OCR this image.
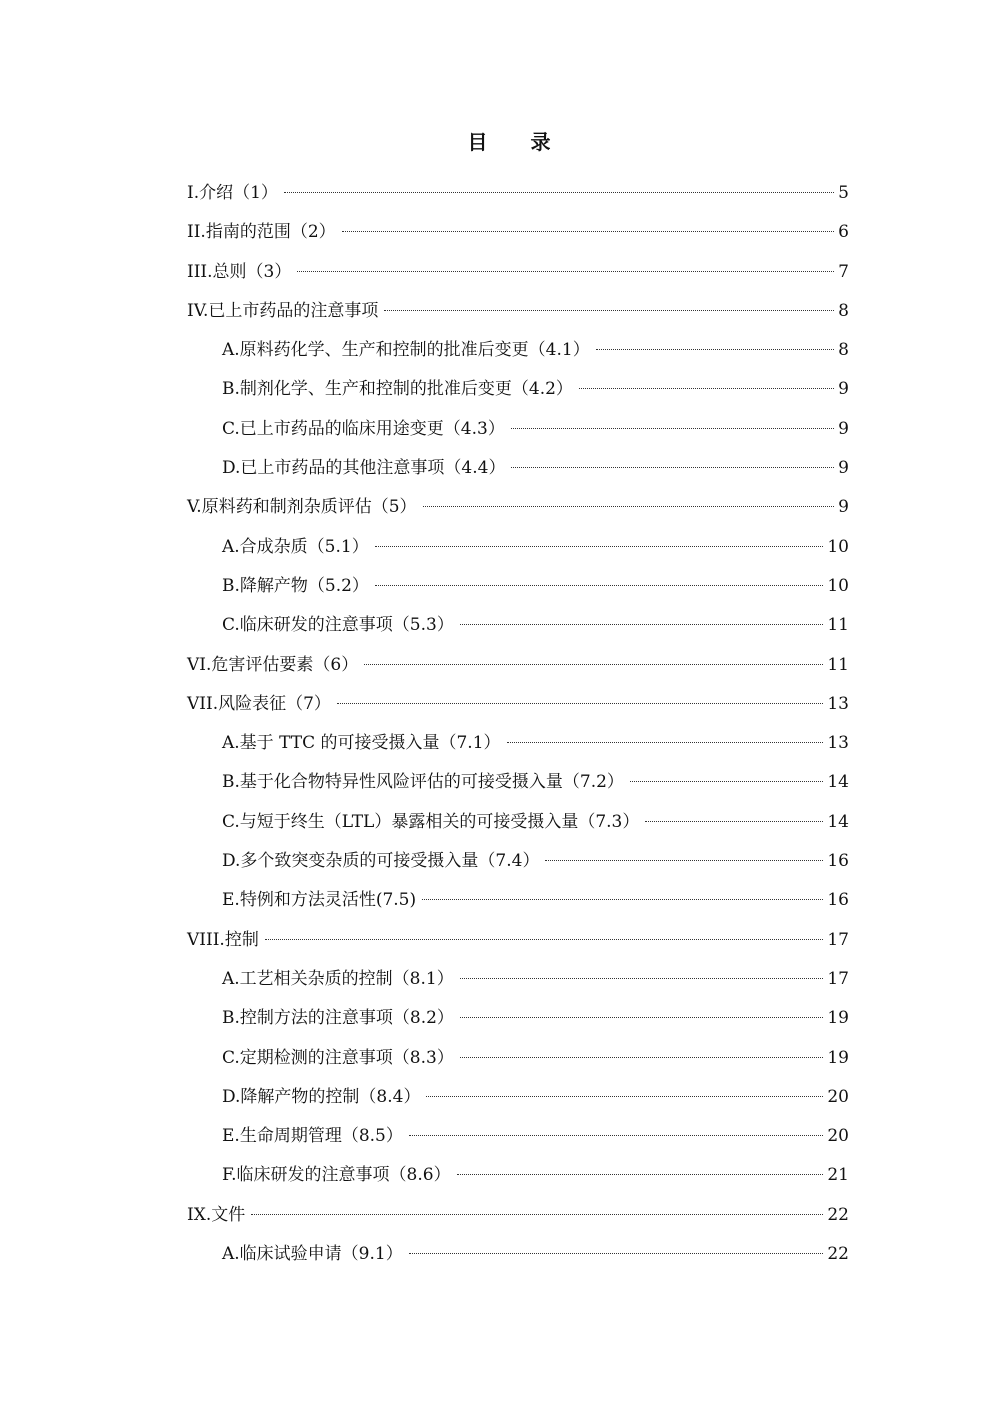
目 录
I.介绍（1）	5
II.指南的范围（2）	6
III.总则（3）	7
IV.已上市药品的注意事项	8
A.原料药化学、生产和控制的批准后变更（4.1）	8
B.制剂化学、生产和控制的批准后变更（4.2）	9
C.已上市药品的临床用途变更（4.3）	9
D.已上市药品的其他注意事项（4.4）	9
V.原料药和制剂杂质评估（5）	9
A.合成杂质（5.1）	10
B.降解产物（5.2）	10
C.临床研发的注意事项（5.3）	11
VI.危害评估要素（6）	11
VII.风险表征（7）	13
A.基于 TTC 的可接受摄入量（7.1）	13
B.基于化合物特异性风险评估的可接受摄入量（7.2）	14
C.与短于终生（LTL）暴露相关的可接受摄入量（7.3）	14
D.多个致突变杂质的可接受摄入量（7.4）	16
E.特例和方法灵活性(7.5)	16
VIII.控制	17
A.工艺相关杂质的控制（8.1）	17
B.控制方法的注意事项（8.2）	19
C.定期检测的注意事项（8.3）	19
D.降解产物的控制（8.4）	20
E.生命周期管理（8.5）	20
F.临床研发的注意事项（8.6）	21
IX.文件	22
A.临床试验申请（9.1）	22
